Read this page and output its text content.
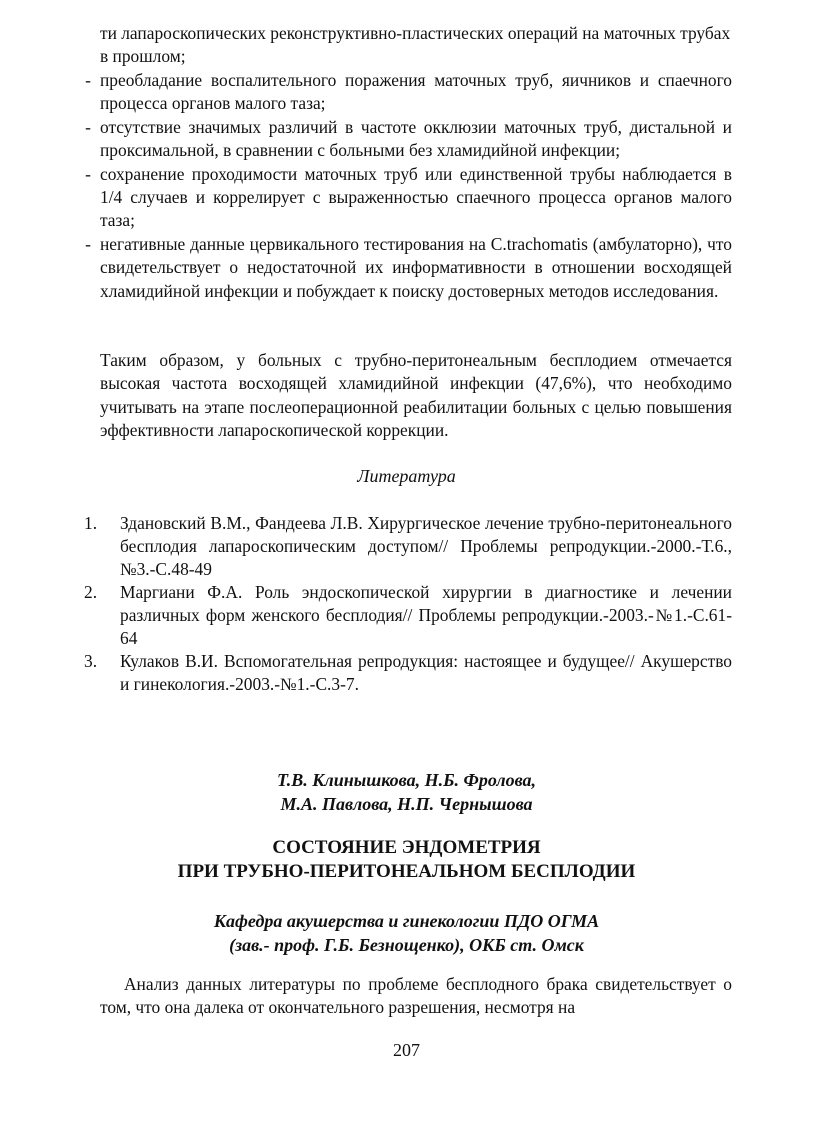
ти лапароскопических реконструктивно-пластических операций на маточных трубах в прошлом;
- преобладание воспалительного поражения маточных труб, яичников и спаечного процесса органов малого таза;
- отсутствие значимых различий в частоте окклюзии маточных труб, дистальной и проксимальной, в сравнении с больными без хламидийной инфекции;
- сохранение проходимости маточных труб или единственной трубы наблюдается в 1/4 случаев и коррелирует с выраженностью спаечного процесса органов малого таза;
- негативные данные цервикального тестирования на C.trachomatis (амбулаторно), что свидетельствует о недостаточной их информативности в отношении восходящей хламидийной инфекции и побуждает к поиску достоверных методов исследования.
Таким образом, у больных с трубно-перитонеальным бесплодием отмечается высокая частота восходящей хламидийной инфекции (47,6%), что необходимо учитывать на этапе послеоперационной реабилитации больных с целью повышения эффективности лапароскопической коррекции.
Литература
1. Здановский В.М., Фандеева Л.В. Хирургическое лечение трубно-перитонеального бесплодия лапароскопическим доступом// Проблемы репродукции.-2000.-Т.6., №3.-С.48-49
2. Маргиани Ф.А. Роль эндоскопической хирургии в диагностике и лечении различных форм женского бесплодия// Проблемы репродукции.-2003.-№1.-С.61-64
3. Кулаков В.И. Вспомогательная репродукция: настоящее и будущее// Акушерство и гинекология.-2003.-№1.-С.3-7.
Т.В. Клинышкова, Н.Б. Фролова,
М.А. Павлова, Н.П. Чернышова
СОСТОЯНИЕ ЭНДОМЕТРИЯ
ПРИ ТРУБНО-ПЕРИТОНЕАЛЬНОМ БЕСПЛОДИИ
Кафедра акушерства и гинекологии ПДО ОГМА
(зав.- проф. Г.Б. Безнощенко), ОКБ ст. Омск
Анализ данных литературы по проблеме бесплодного брака свидетельствует о том, что она далека от окончательного разрешения, несмотря на
207
